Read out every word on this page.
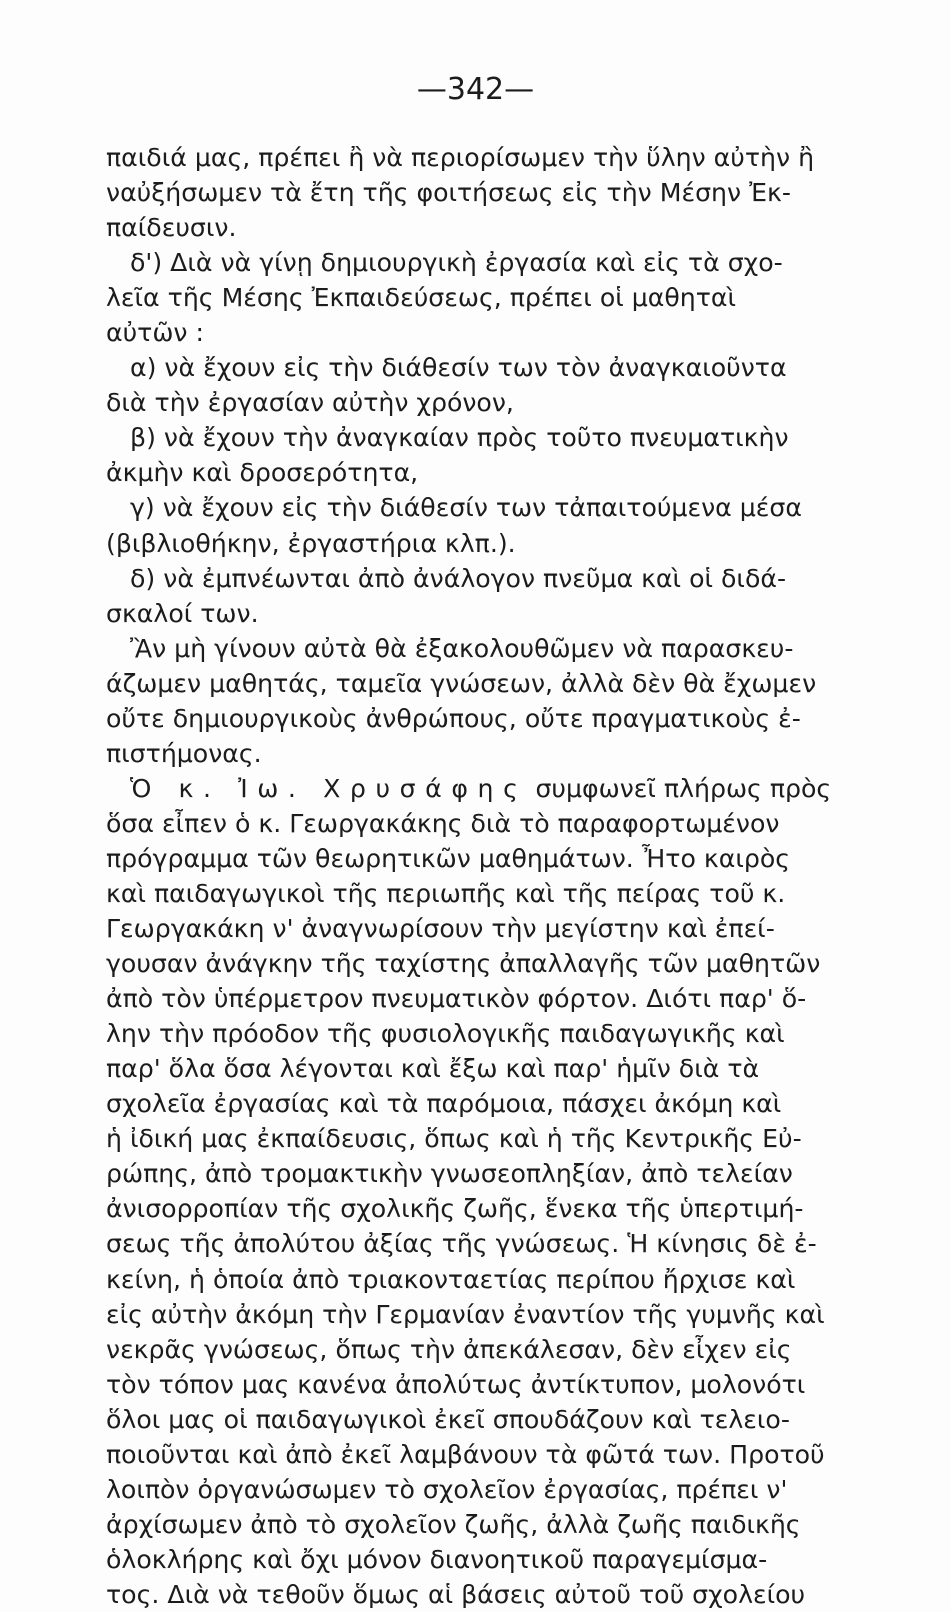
—342—
παιδιά μας, πρέπει ἢ νὰ περιορίσωμεν τὴν ὕλην αὐτὴν ἢ
ναὐξήσωμεν τὰ ἔτη τῆς φοιτήσεως εἰς τὴν Μέσην Ἐκ-
παίδευσιν.
δ') Διὰ νὰ γίνῃ δημιουργικὴ ἐργασία καὶ εἰς τὰ σχο-
λεῖα τῆς Μέσης Ἐκπαιδεύσεως, πρέπει οἱ μαθηταὶ
αὐτῶν :
α) νὰ ἔχουν εἰς τὴν διάθεσίν των τὸν ἀναγκαιοῦντα
διὰ τὴν ἐργασίαν αὐτὴν χρόνον,
β) νὰ ἔχουν τὴν ἀναγκαίαν πρὸς τοῦτο πνευματικὴν
ἀκμὴν καὶ δροσερότητα,
γ) νὰ ἔχουν εἰς τὴν διάθεσίν των τἀπαιτούμενα μέσα
(βιβλιοθήκην, ἐργαστήρια κλπ.).
δ) νὰ ἐμπνέωνται ἀπὸ ἀνάλογον πνεῦμα καὶ οἱ διδά-
σκαλοί των.
Ἂν μὴ γίνουν αὐτὰ θὰ ἐξακολουθῶμεν νὰ παρασκευ-
άζωμεν μαθητάς, ταμεῖα γνώσεων, ἀλλὰ δὲν θὰ ἔχωμεν
οὔτε δημιουργικοὺς ἀνθρώπους, οὔτε πραγματικοὺς ἐ-
πιστήμονας.
Ὁ κ. Ἰω. Χρυσάφης συμφωνεῖ πλήρως πρὸς
ὅσα εἶπεν ὁ κ. Γεωργακάκης διὰ τὸ παραφορτωμένον
πρόγραμμα τῶν θεωρητικῶν μαθημάτων. Ἦτο καιρὸς
καὶ παιδαγωγικοὶ τῆς περιωπῆς καὶ τῆς πείρας τοῦ κ.
Γεωργακάκη ν' ἀναγνωρίσουν τὴν μεγίστην καὶ ἐπεί-
γουσαν ἀνάγκην τῆς ταχίστης ἀπαλλαγῆς τῶν μαθητῶν
ἀπὸ τὸν ὑπέρμετρον πνευματικὸν φόρτον. Διότι παρ' ὅ-
λην τὴν πρόοδον τῆς φυσιολογικῆς παιδαγωγικῆς καὶ
παρ' ὅλα ὅσα λέγονται καὶ ἔξω καὶ παρ' ἡμῖν διὰ τὰ
σχολεῖα ἐργασίας καὶ τὰ παρόμοια, πάσχει ἀκόμη καὶ
ἡ ἰδική μας ἐκπαίδευσις, ὅπως καὶ ἡ τῆς Κεντρικῆς Εὐ-
ρώπης, ἀπὸ τρομακτικὴν γνωσεοπληξίαν, ἀπὸ τελείαν
ἀνισορροπίαν τῆς σχολικῆς ζωῆς, ἕνεκα τῆς ὑπερτιμή-
σεως τῆς ἀπολύτου ἀξίας τῆς γνώσεως. Ἡ κίνησις δὲ ἐ-
κείνη, ἡ ὁποία ἀπὸ τριακονταετίας περίπου ἤρχισε καὶ
εἰς αὐτὴν ἀκόμη τὴν Γερμανίαν ἐναντίον τῆς γυμνῆς καὶ
νεκρᾶς γνώσεως, ὅπως τὴν ἀπεκάλεσαν, δὲν εἶχεν εἰς
τὸν τόπον μας κανένα ἀπολύτως ἀντίκτυπον, μολονότι
ὅλοι μας οἱ παιδαγωγικοὶ ἐκεῖ σπουδάζουν καὶ τελειο-
ποιοῦνται καὶ ἀπὸ ἐκεῖ λαμβάνουν τὰ φῶτά των. Προτοῦ
λοιπὸν ὀργανώσωμεν τὸ σχολεῖον ἐργασίας, πρέπει ν'
ἀρχίσωμεν ἀπὸ τὸ σχολεῖον ζωῆς, ἀλλὰ ζωῆς παιδικῆς
ὁλοκλήρης καὶ ὄχι μόνον διανοητικοῦ παραγεμίσμα-
τος. Διὰ νὰ τεθοῦν ὅμως αἱ βάσεις αὐτοῦ τοῦ σχολείου
